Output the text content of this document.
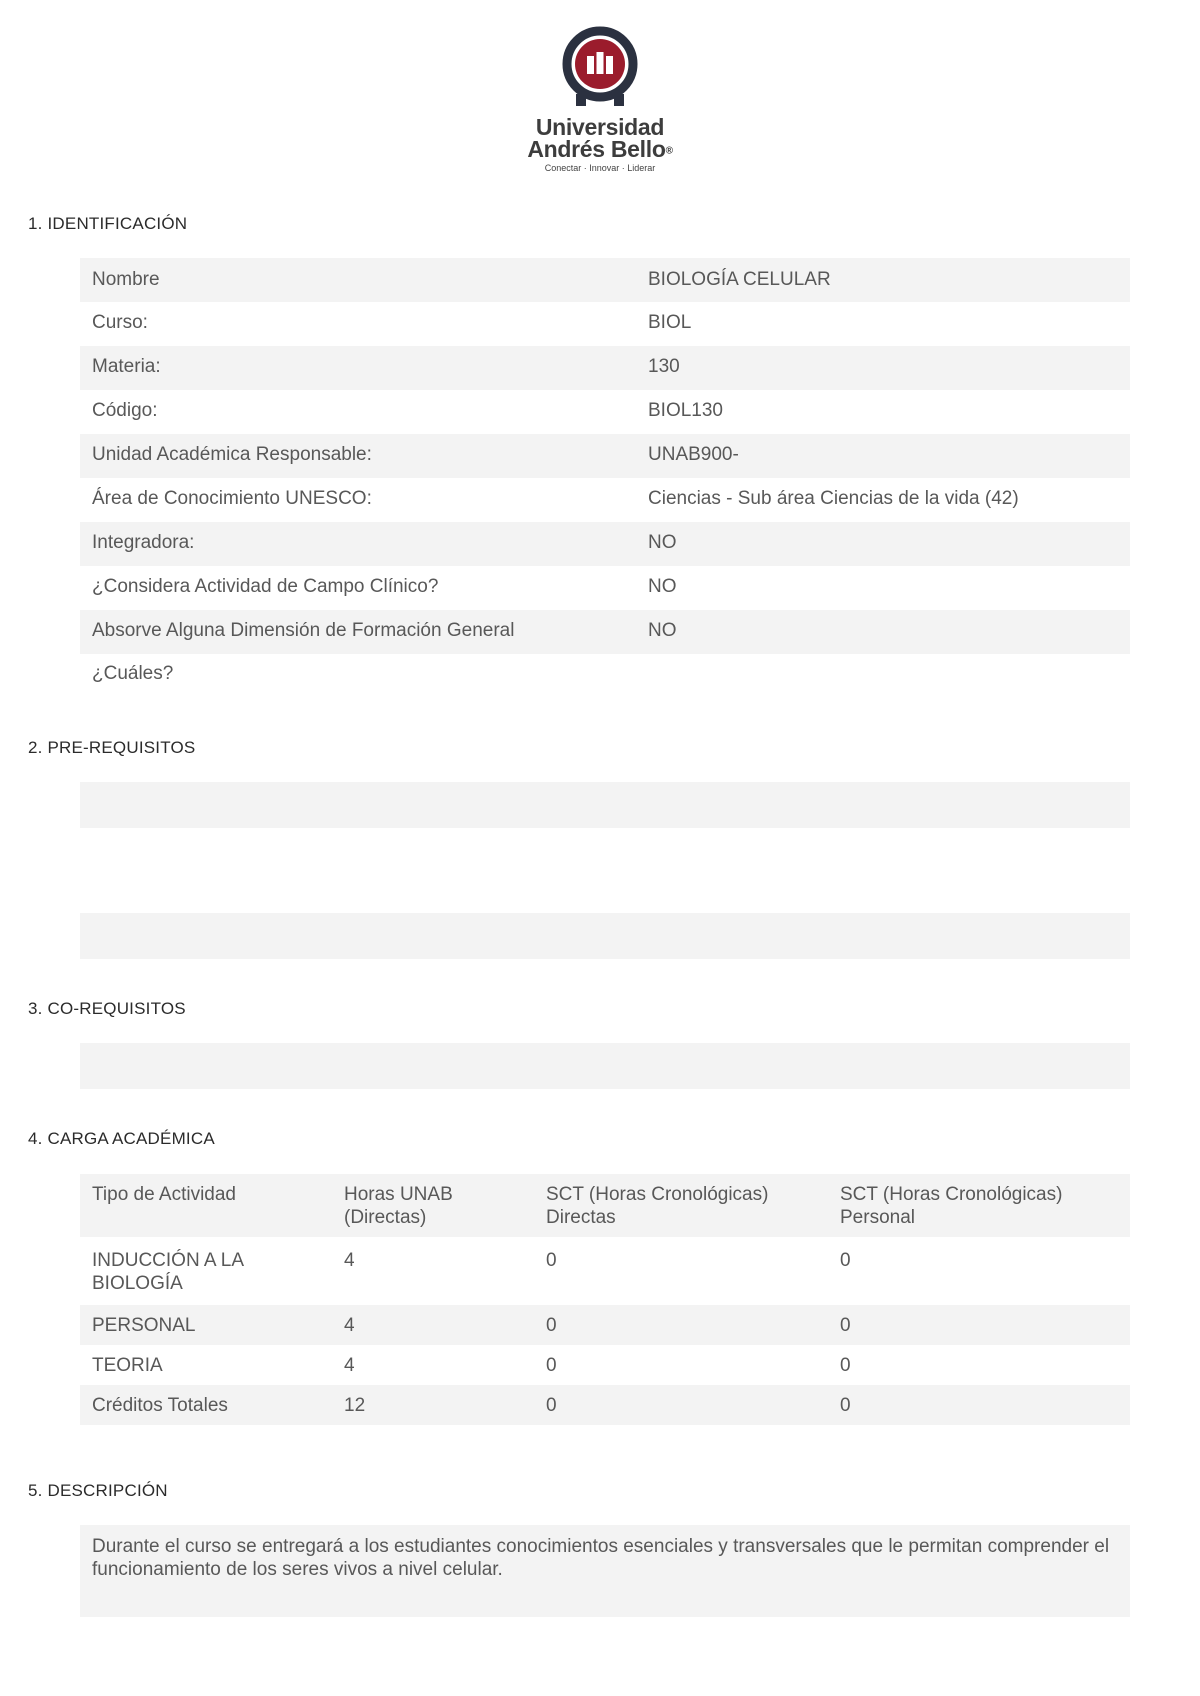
Universidad
Andrés Bello®
Conectar · Innovar · Liderar
1. IDENTIFICACIÓN
Nombre	BIOLOGÍA CELULAR
Curso:	BIOL
Materia:	130
Código:	BIOL130
Unidad Académica Responsable:	UNAB900-
Área de Conocimiento UNESCO:	Ciencias - Sub área Ciencias de la vida (42)
Integradora:	NO
¿Considera Actividad de Campo Clínico?	NO
Absorve Alguna Dimensión de Formación General	NO
¿Cuáles?
2. PRE-REQUISITOS
3. CO-REQUISITOS
4. CARGA ACADÉMICA
Tipo de Actividad	Horas UNAB (Directas)	SCT (Horas Cronológicas) Directas	SCT (Horas Cronológicas) Personal
INDUCCIÓN A LA BIOLOGÍA	4	0	0
PERSONAL	4	0	0
TEORIA	4	0	0
Créditos Totales	12	0	0
5. DESCRIPCIÓN
Durante el curso se entregará a los estudiantes conocimientos esenciales y transversales que le permitan comprender el funcionamiento de los seres vivos a nivel celular.
